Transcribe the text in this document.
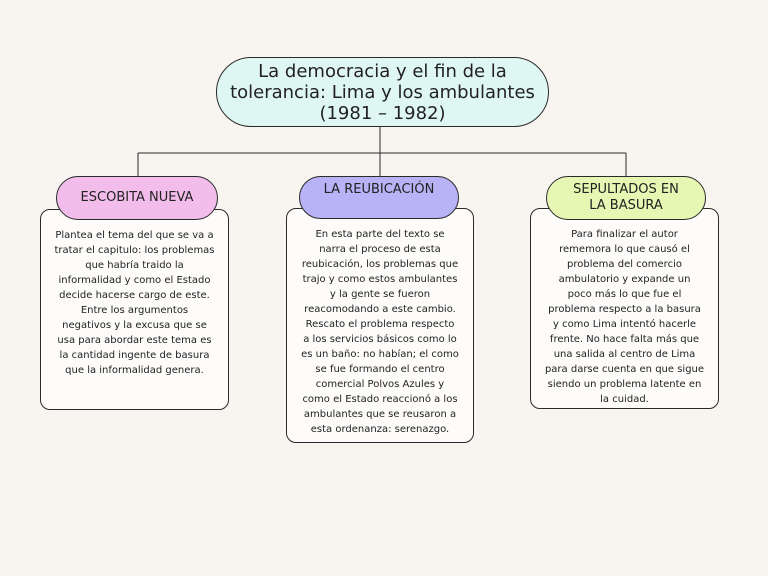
La democracia y el fin de la
tolerancia: Lima y los ambulantes
(1981 – 1982)
Plantea el tema del que se va a
tratar el capitulo: los problemas
que habría traido la
informalidad y como el Estado
decide hacerse cargo de este.
Entre los argumentos
negativos y la excusa que se
usa para abordar este tema es
la cantidad ingente de basura
que la informalidad genera.
ESCOBITA NUEVA
En esta parte del texto se
narra el proceso de esta
reubicación, los problemas que
trajo y como estos ambulantes
y la gente se fueron
reacomodando a este cambio.
Rescato el problema respecto
a los servicios básicos como lo
es un baño: no habían; el como
se fue formando el centro
comercial Polvos Azules y
como el Estado reaccionó a los
ambulantes que se reusaron a
esta ordenanza: serenazgo.
LA REUBICACIÓN
Para finalizar el autor
rememora lo que causó el
problema del comercio
ambulatorio y expande un
poco más lo que fue el
problema respecto a la basura
y como Lima intentó hacerle
frente. No hace falta más que
una salida al centro de Lima
para darse cuenta en que sigue
siendo un problema latente en
la cuidad.
SEPULTADOS EN
LA BASURA
